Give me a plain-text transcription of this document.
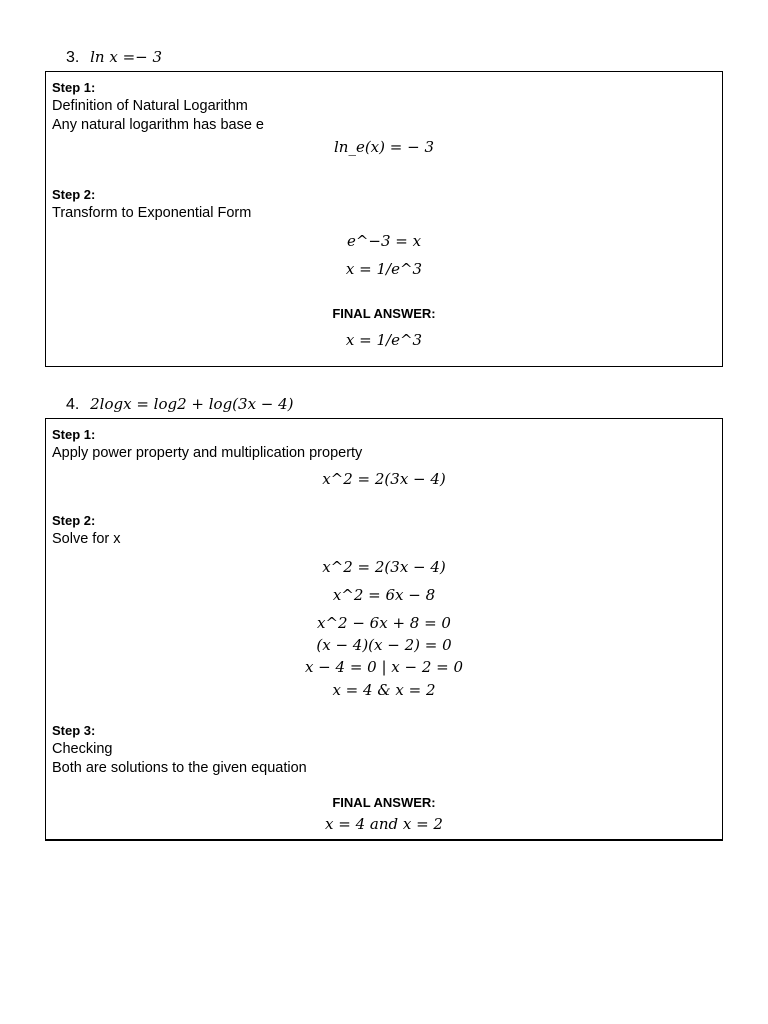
3. ln x =− 3
Step 1:
Definition of Natural Logarithm
Any natural logarithm has base e
ln_e(x) = − 3
Step 2:
Transform to Exponential Form
e^−3 = x
x = 1/e^3
FINAL ANSWER:
x = 1/e^3
4. 2logx = log2 + log(3x − 4)
Step 1:
Apply power property and multiplication property
x^2 = 2(3x − 4)
Step 2:
Solve for x
x^2 = 2(3x − 4)
x^2 = 6x − 8
x^2 − 6x + 8 = 0
(x − 4)(x − 2) = 0
x − 4 = 0 | x − 2 = 0
x = 4 & x = 2
Step 3:
Checking
Both are solutions to the given equation
FINAL ANSWER:
x = 4 and x = 2
